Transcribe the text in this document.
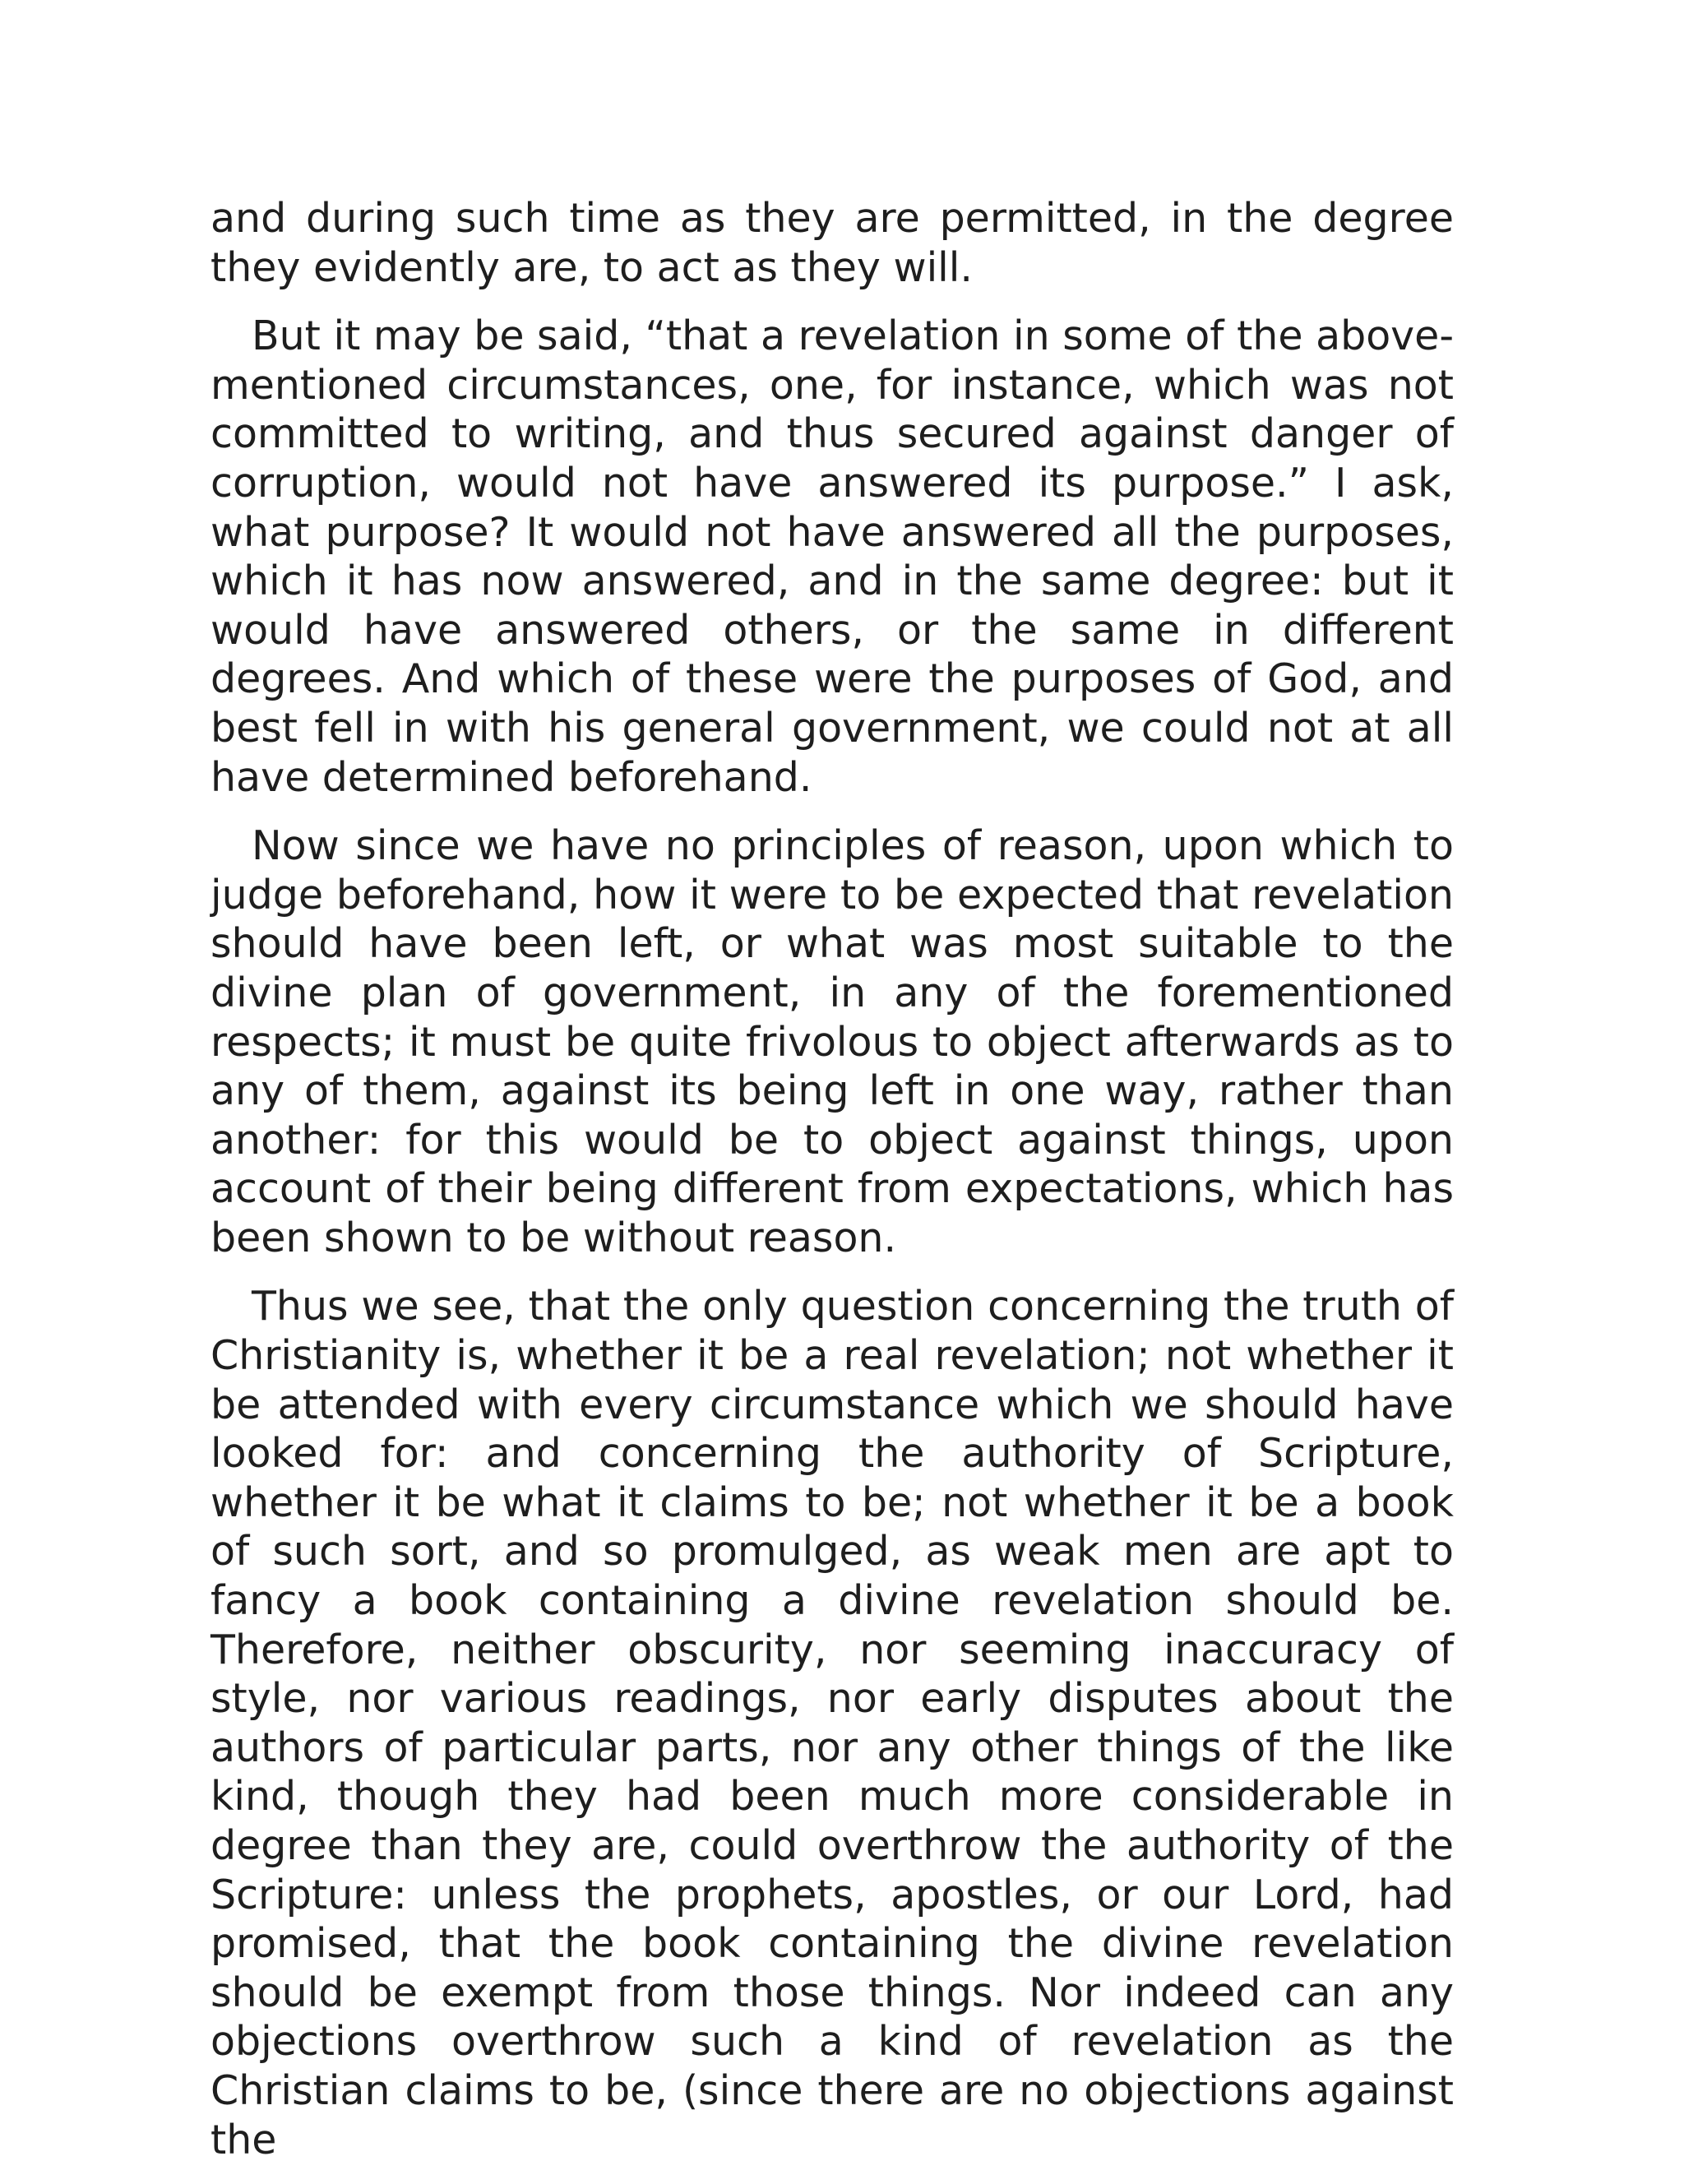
and during such time as they are permitted, in the degree they evidently are, to act as they will.

But it may be said, “that a revelation in some of the above-mentioned circumstances, one, for instance, which was not committed to writing, and thus secured against danger of corruption, would not have answered its purpose.” I ask, what purpose? It would not have answered all the purposes, which it has now answered, and in the same degree: but it would have answered others, or the same in different degrees. And which of these were the purposes of God, and best fell in with his general government, we could not at all have determined beforehand.

Now since we have no principles of reason, upon which to judge beforehand, how it were to be expected that revelation should have been left, or what was most suitable to the divine plan of government, in any of the forementioned respects; it must be quite frivolous to object afterwards as to any of them, against its being left in one way, rather than another: for this would be to object against things, upon account of their being different from expectations, which has been shown to be without reason.

Thus we see, that the only question concerning the truth of Christianity is, whether it be a real revelation; not whether it be attended with every circumstance which we should have looked for: and concerning the authority of Scripture, whether it be what it claims to be; not whether it be a book of such sort, and so promulged, as weak men are apt to fancy a book containing a divine revelation should be. Therefore, neither obscurity, nor seeming inaccuracy of style, nor various readings, nor early disputes about the authors of particular parts, nor any other things of the like kind, though they had been much more considerable in degree than they are, could overthrow the authority of the Scripture: unless the prophets, apostles, or our Lord, had promised, that the book containing the divine revelation should be exempt from those things. Nor indeed can any objections overthrow such a kind of revelation as the Christian claims to be, (since there are no objections against the
